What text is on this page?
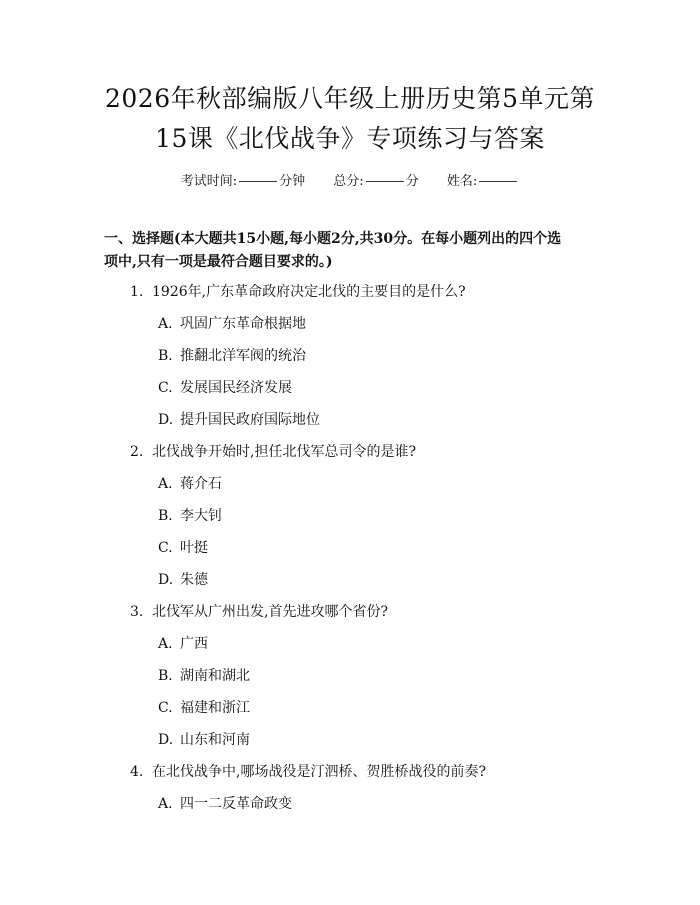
2026年秋部编版八年级上册历史第5单元第
15课《北伐战争》专项练习与答案
考试时间:	分钟 总分:	分 姓名:
一、选择题(本大题共15小题,每小题2分,共30分。在每小题列出的四个选
项中,只有一项是最符合题目要求的。)
1. 1926年,广东革命政府决定北伐的主要目的是什么?
A. 巩固广东革命根据地
B. 推翻北洋军阀的统治
C. 发展国民经济发展
D. 提升国民政府国际地位
2. 北伐战争开始时,担任北伐军总司令的是谁?
A. 蒋介石
B. 李大钊
C. 叶挺
D. 朱德
3. 北伐军从广州出发,首先进攻哪个省份?
A. 广西
B. 湖南和湖北
C. 福建和浙江
D. 山东和河南
4. 在北伐战争中,哪场战役是汀泗桥、贺胜桥战役的前奏?
A. 四一二反革命政变
